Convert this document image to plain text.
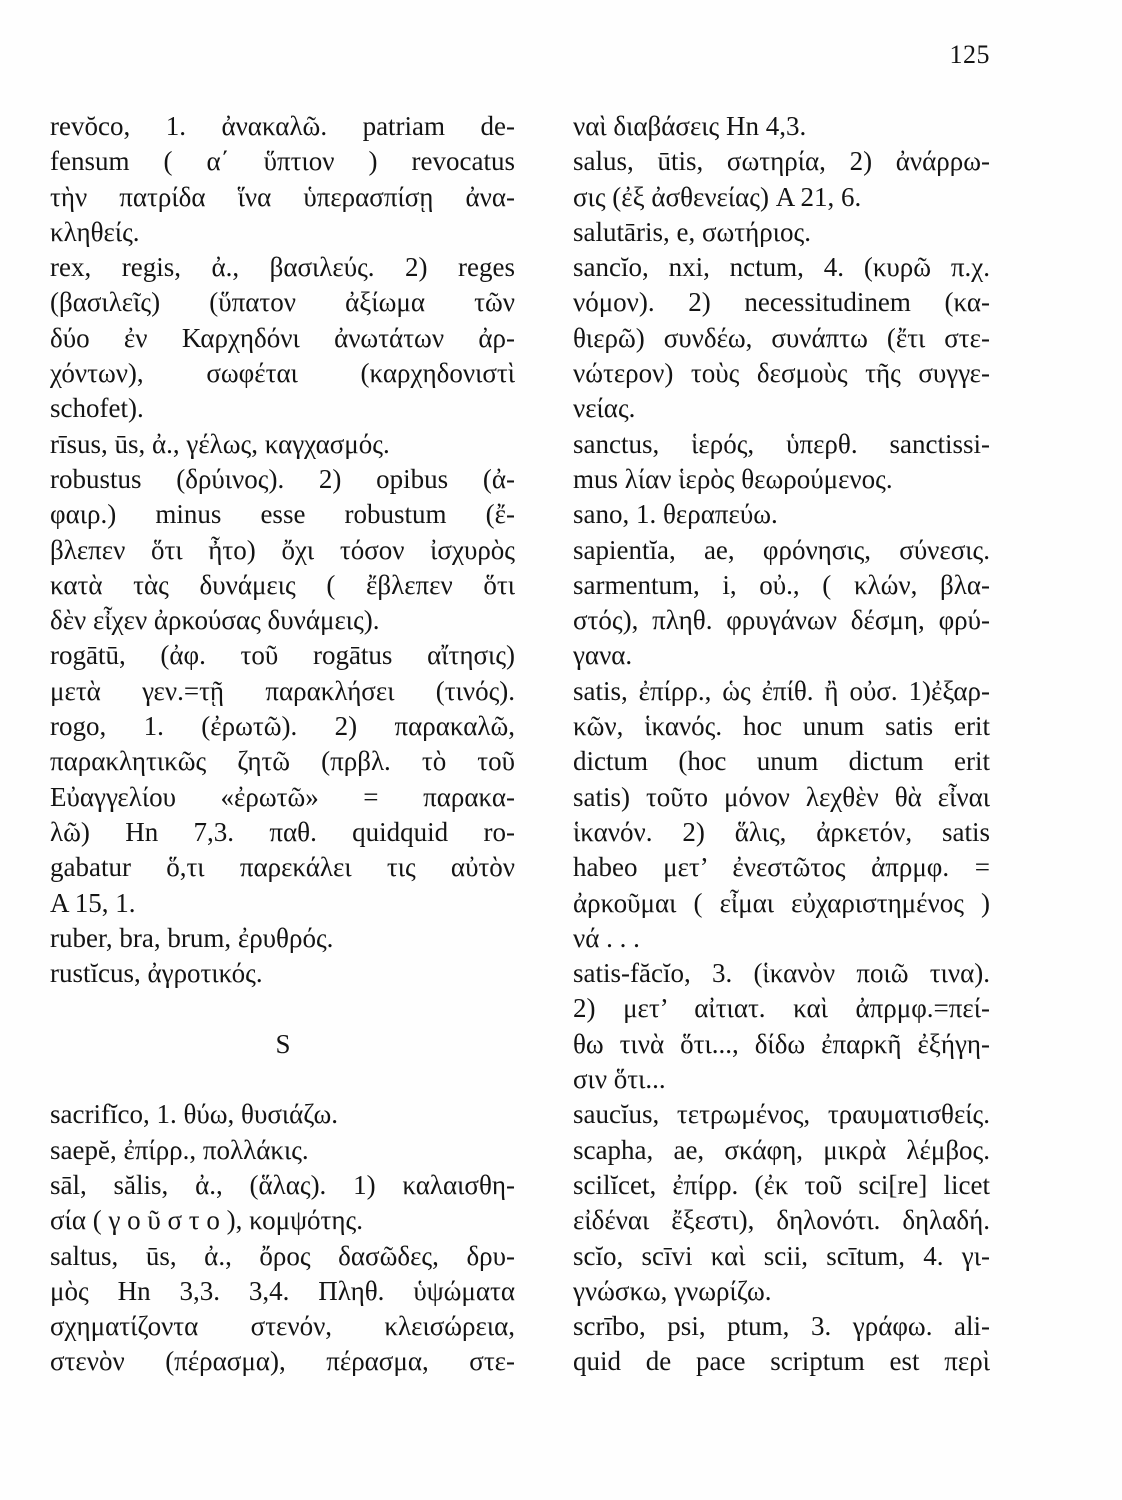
125
revŏco, 1. ἀνακαλῶ. patriam de-
fensum ( α΄ ὕπτιον ) revocatus
τὴν πατρίδα ἵνα ὑπερασπίσῃ ἀνα-
κληθείς.
rex, regis, ἀ., βασιλεύς. 2) reges
(βασιλεῖς) (ὕπατον ἀξίωμα τῶν
δύο ἐν Καρχηδόνι ἀνωτάτων ἀρ-
χόντων), σωφέται (καρχηδονιστὶ
schofet).
rīsus, ūs, ἀ., γέλως, καγχασμός.
robustus (δρύινος). 2) opibus (ἀ-
φαιρ.) minus esse robustum (ἔ-
βλεπεν ὅτι ἦτο) ὄχι τόσον ἰσχυρὸς
κατὰ τὰς δυνάμεις ( ἔβλεπεν ὅτι
δὲν εἶχεν ἀρκούσας δυνάμεις).
rogātū, (ἀφ. τοῦ rogātus αἴτησις)
μετὰ γεν.=τῇ παρακλήσει (τινός).
rogo, 1. (ἐρωτῶ). 2) παρακαλῶ,
παρακλητικῶς ζητῶ (πρβλ. τὸ τοῦ
Εὐαγγελίου «ἐρωτῶ» = παρακα-
λῶ) Hn 7,3. παθ. quidquid ro-
gabatur ὅ,τι παρεκάλει τις αὐτὸν
A 15, 1.
ruber, bra, brum, ἐρυθρός.
rustĭcus, ἀγροτικός.
S
sacrifĭco, 1. θύω, θυσιάζω.
saepĕ, ἐπίρρ., πολλάκις.
sāl, sălis, ἀ., (ἅλας). 1) καλαισθη-
σία ( γ ο ῦ σ τ ο ), κομψότης.
saltus, ūs, ἀ., ὄρος δασῶδες, δρυ-
μὸς Hn 3,3. 3,4. Πληθ. ὑψώματα
σχηματίζοντα στενόν, κλεισώρεια,
στενὸν (πέρασμα), πέρασμα, στε-
ναὶ διαβάσεις Hn 4,3.
salus, ūtis, σωτηρία, 2) ἀνάρρω-
σις (ἐξ ἀσθενείας) A 21, 6.
salutāris, e, σωτήριος.
sancĭo, nxi, nctum, 4. (κυρῶ π.χ.
νόμον). 2) necessitudinem (κα-
θιερῶ) συνδέω, συνάπτω (ἔτι στε-
νώτερον) τοὺς δεσμοὺς τῆς συγγε-
νείας.
sanctus, ἱερός, ὑπερθ. sanctissi-
mus λίαν ἱερὸς θεωρούμενος.
sano, 1. θεραπεύω.
sapientĭa, ae, φρόνησις, σύνεσις.
sarmentum, i, οὐ., ( κλών, βλα-
στός), πληθ. φρυγάνων δέσμη, φρύ-
γανα.
satis, ἐπίρρ., ὡς ἐπίθ. ἢ οὐσ. 1)ἐξαρ-
κῶν, ἱκανός. hoc unum satis erit
dictum (hoc unum dictum erit
satis) τοῦτο μόνον λεχθὲν θὰ εἶναι
ἱκανόν. 2) ἅλις, ἀρκετόν, satis
habeo μετ’ ἐνεστῶτος ἀπρμφ. =
ἀρκοῦμαι ( εἶμαι εὐχαριστημένος )
νά . . .
satis-făcĭo, 3. (ἱκανὸν ποιῶ τινα).
2) μετ’ αἰτιατ. καὶ ἀπρμφ.=πεί-
θω τινὰ ὅτι..., δίδω ἐπαρκῆ ἐξήγη-
σιν ὅτι...
saucĭus, τετρωμένος, τραυματισθείς.
scapha, ae, σκάφη, μικρὰ λέμβος.
scilĭcet, ἐπίρρ. (ἐκ τοῦ sci[re] licet
εἰδέναι ἔξεστι), δηλονότι. δηλαδή.
scĭo, scīvi καὶ scii, scītum, 4. γι-
γνώσκω, γνωρίζω.
scrībo, psi, ptum, 3. γράφω. ali-
quid de pace scriptum est περὶ
